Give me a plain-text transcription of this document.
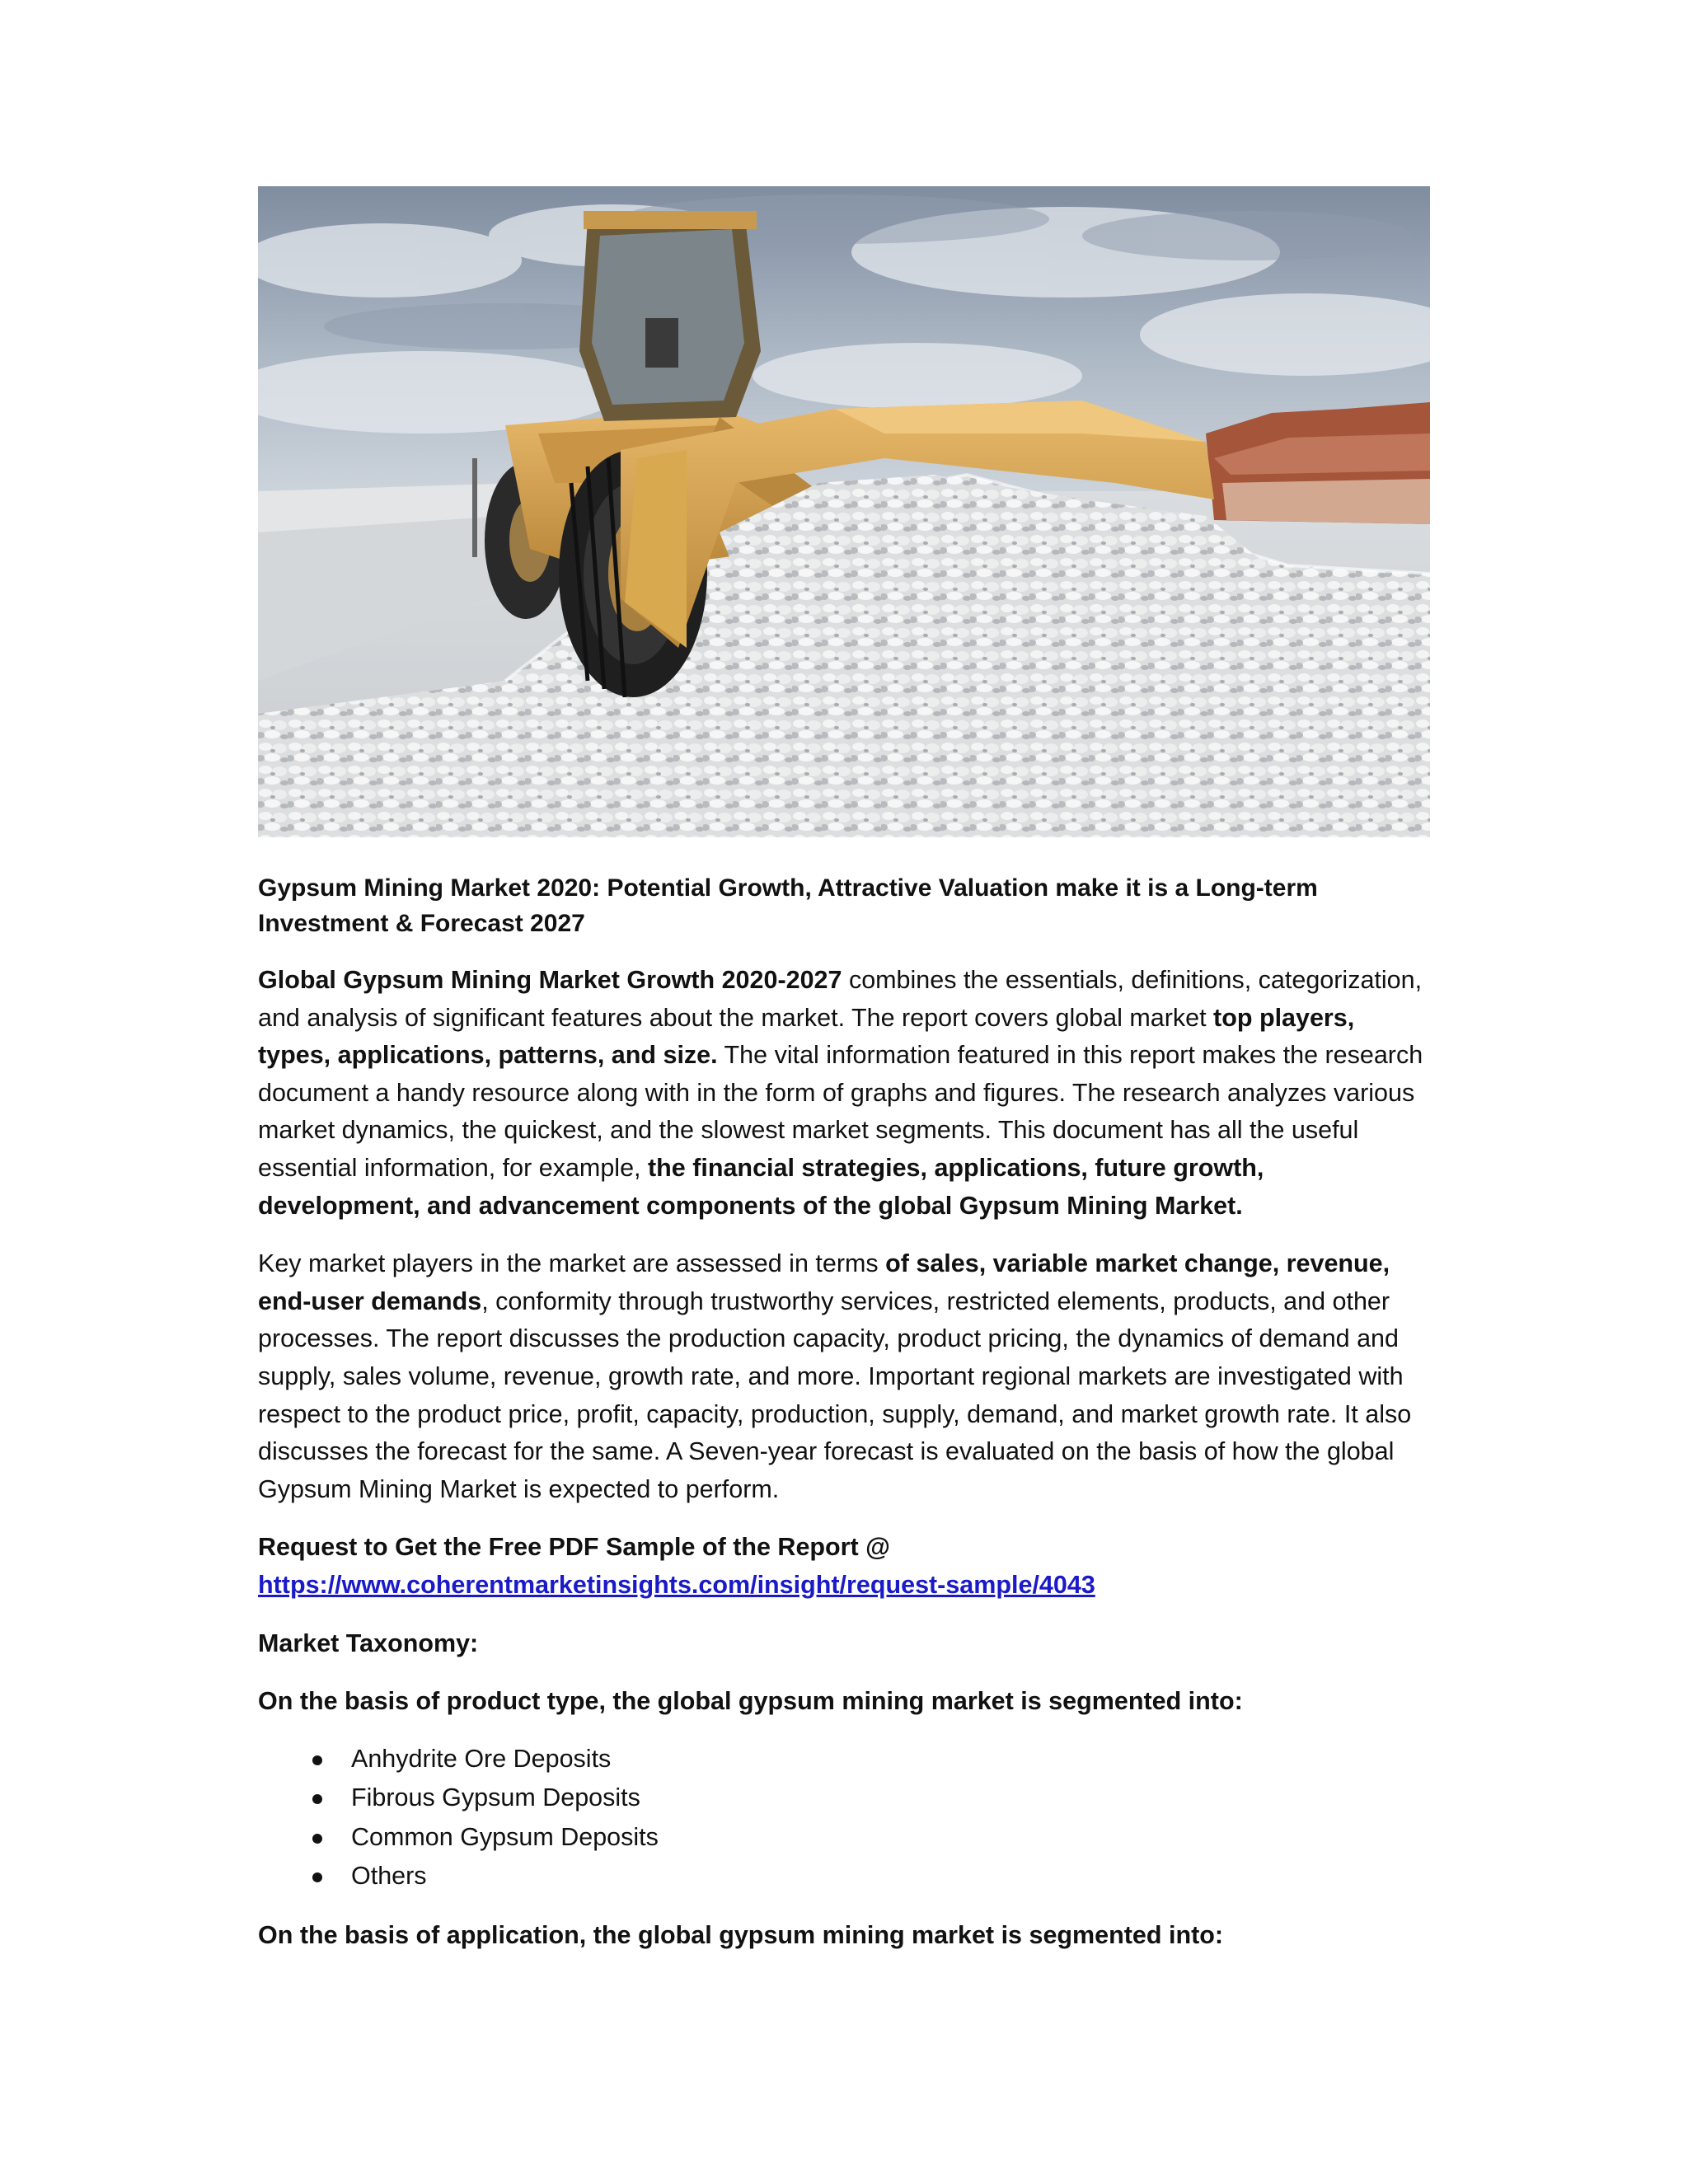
Gypsum Mining Market 2020: Potential Growth, Attractive Valuation make it is a Long-term Investment & Forecast 2027

Global Gypsum Mining Market Growth 2020-2027 combines the essentials, definitions, categorization, and analysis of significant features about the market. The report covers global market top players, types, applications, patterns, and size. The vital information featured in this report makes the research document a handy resource along with in the form of graphs and figures. The research analyzes various market dynamics, the quickest, and the slowest market segments. This document has all the useful essential information, for example, the financial strategies, applications, future growth, development, and advancement components of the global Gypsum Mining Market.

Key market players in the market are assessed in terms of sales, variable market change, revenue, end-user demands, conformity through trustworthy services, restricted elements, products, and other processes. The report discusses the production capacity, product pricing, the dynamics of demand and supply, sales volume, revenue, growth rate, and more. Important regional markets are investigated with respect to the product price, profit, capacity, production, supply, demand, and market growth rate. It also discusses the forecast for the same. A Seven-year forecast is evaluated on the basis of how the global Gypsum Mining Market is expected to perform.

Request to Get the Free PDF Sample of the Report @
https://www.coherentmarketinsights.com/insight/request-sample/4043
Market Taxonomy:
On the basis of product type, the global gypsum mining market is segmented into:
Anhydrite Ore Deposits
Fibrous Gypsum Deposits
Common Gypsum Deposits
Others
On the basis of application, the global gypsum mining market is segmented into:
